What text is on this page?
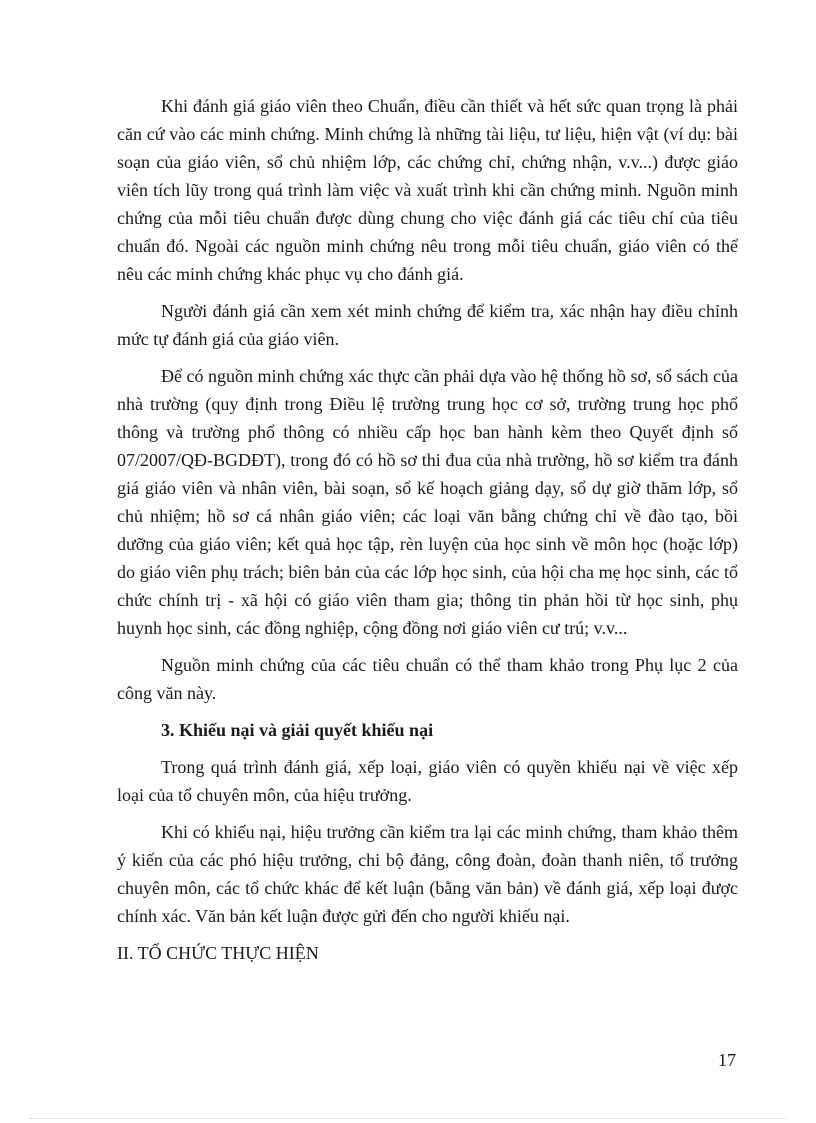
Khi đánh giá giáo viên theo Chuẩn, điều cần thiết và hết sức quan trọng là phải căn cứ vào các minh chứng. Minh chứng là những tài liệu, tư liệu, hiện vật (ví dụ: bài soạn của giáo viên, sổ chủ nhiệm lớp, các chứng chỉ, chứng nhận, v.v...) được giáo viên tích lũy trong quá trình làm việc và xuất trình khi cần chứng minh. Nguồn minh chứng của mỗi tiêu chuẩn được dùng chung cho việc đánh giá các tiêu chí của tiêu chuẩn đó. Ngoài các nguồn minh chứng nêu trong mỗi tiêu chuẩn, giáo viên có thể nêu các minh chứng khác phục vụ cho đánh giá.

Người đánh giá cần xem xét minh chứng để kiểm tra, xác nhận hay điều chỉnh mức tự đánh giá của giáo viên.

Để có nguồn minh chứng xác thực cần phải dựa vào hệ thống hồ sơ, sổ sách của nhà trường (quy định trong Điều lệ trường trung học cơ sở, trường trung học phổ thông và trường phổ thông có nhiều cấp học ban hành kèm theo Quyết định số 07/2007/QĐ-BGDĐT), trong đó có hồ sơ thi đua của nhà trường, hồ sơ kiểm tra đánh giá giáo viên và nhân viên, bài soạn, sổ kế hoạch giảng dạy, sổ dự giờ thăm lớp, sổ chủ nhiệm; hồ sơ cá nhân giáo viên; các loại văn bằng chứng chỉ về đào tạo, bồi dưỡng của giáo viên; kết quả học tập, rèn luyện của học sinh về môn học (hoặc lớp) do giáo viên phụ trách; biên bản của các lớp học sinh, của hội cha mẹ học sinh, các tổ chức chính trị - xã hội có giáo viên tham gia; thông tin phản hồi từ học sinh, phụ huynh học sinh, các đồng nghiệp, cộng đồng nơi giáo viên cư trú; v.v...

Nguồn minh chứng của các tiêu chuẩn có thể tham khảo trong Phụ lục 2 của công văn này.

3. Khiếu nại và giải quyết khiếu nại

Trong quá trình đánh giá, xếp loại, giáo viên có quyền khiếu nại về việc xếp loại của tổ chuyên môn, của hiệu trưởng.

Khi có khiếu nại, hiệu trưởng cần kiểm tra lại các minh chứng, tham khảo thêm ý kiến của các phó hiệu trưởng, chi bộ đảng, công đoàn, đoàn thanh niên, tổ trưởng chuyên môn, các tổ chức khác để kết luận (bằng văn bản) về đánh giá, xếp loại được chính xác. Văn bản kết luận được gửi đến cho người khiếu nại.

II. TỔ CHỨC THỰC HIỆN

17
